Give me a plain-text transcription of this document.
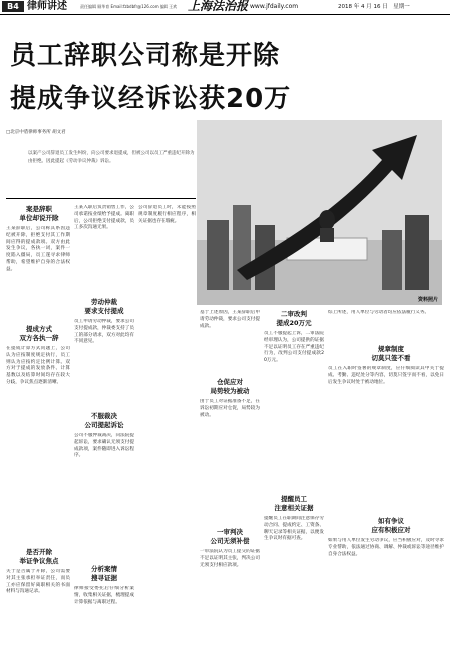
B4 律师讲述	责任编辑 顾华育 Email:fzbdbfr@126.com 编辑 王欢 上海法治报 www.jfdaily.com	2018 年 4 月 16 日　星期一
员工辞职公司称是开除
提成争议经诉讼获20万
□北京中盾律师事务所 胡文君
以案产公司辞退员工发生纠纷，向公司要求退提成，但被公司以员工严重违纪开除为由拒绝。因此提起《劳动争议仲裁》诉讼。
资料照片
案是辞职
单位却说开除
王某辞职后，公司称其系因违纪被开除，拒绝支付其工作期间应得的提成款项。双方由此发生争议，各执一词，案件一度陷入僵局，员工遂寻求律师帮助，希望维护自身的合法权益。
提成方式
双方各执一辞
在提成计算方式问题上，公司认为应按制度规定执行，员工则认为应按约定比例计算。双方对于提成的发放条件、计算基数以及结算时间均存在较大分歧，争议焦点逐渐清晰。
是否开除
举证争议焦点
关于是否属于开除，公司需要对其主张承担举证责任，而员工亦应保留好离职相关的书面材料与沟通记录。
王某入职后负责销售工作，公司承诺按业绩给予提成。离职后，公司拒绝支付提成款，员工多次沟通无果。
劳动仲裁
要求支付提成
员工申请劳动仲裁，要求公司支付提成款，仲裁委支持了员工的部分请求，双方对此均有不同意见。
不服裁决
公司提起诉讼
公司不服仲裁裁决，向法院提起诉讼，要求确认无须支付提成款项，案件随即进入诉讼程序。
分析案情
搜寻证据
律师接受委托后仔细分析案情，收集相关证据，梳理提成计算依据与离职过程。
公司辞退员工时，未能按照规章制度履行相应程序，相关证据也存在瑕疵。
基于上述原因，王某辞职后申请劳动仲裁，要求公司支付提成款。
仓促应对
局势较为被动
由于员工对证据准备不足，在诉讼初期应对仓促，局势较为被动。
一审判决
公司无须补偿
一审法院认为员工提交的证据不足以证明其主张，判决公司无须支付相应款项。
二审改判
提成20万元
员工不服提起上诉，二审法院经审理认为，公司提供的证据不足以证明员工存在严重违纪行为，改判公司支付提成款20万元。
提醒员工
注意相关证据
提醒员工在职期间注意保存劳动合同、提成约定、工资条、聊天记录等相关证据，以便发生争议时有据可查。
综上所述，用人单位与劳动者均应依法履行义务。
规章制度
切莫只签不看
员工在入职时签署的规章制度，应仔细阅读其中关于提成、考勤、违纪处分等内容，切莫只签字而不看，以免日后发生争议时处于被动地位。
如有争议
应有积极应对
如果与用人单位发生劳动争议，应当积极应对，及时寻求专业帮助，依法通过协商、调解、仲裁或诉讼等途径维护自身合法权益。
